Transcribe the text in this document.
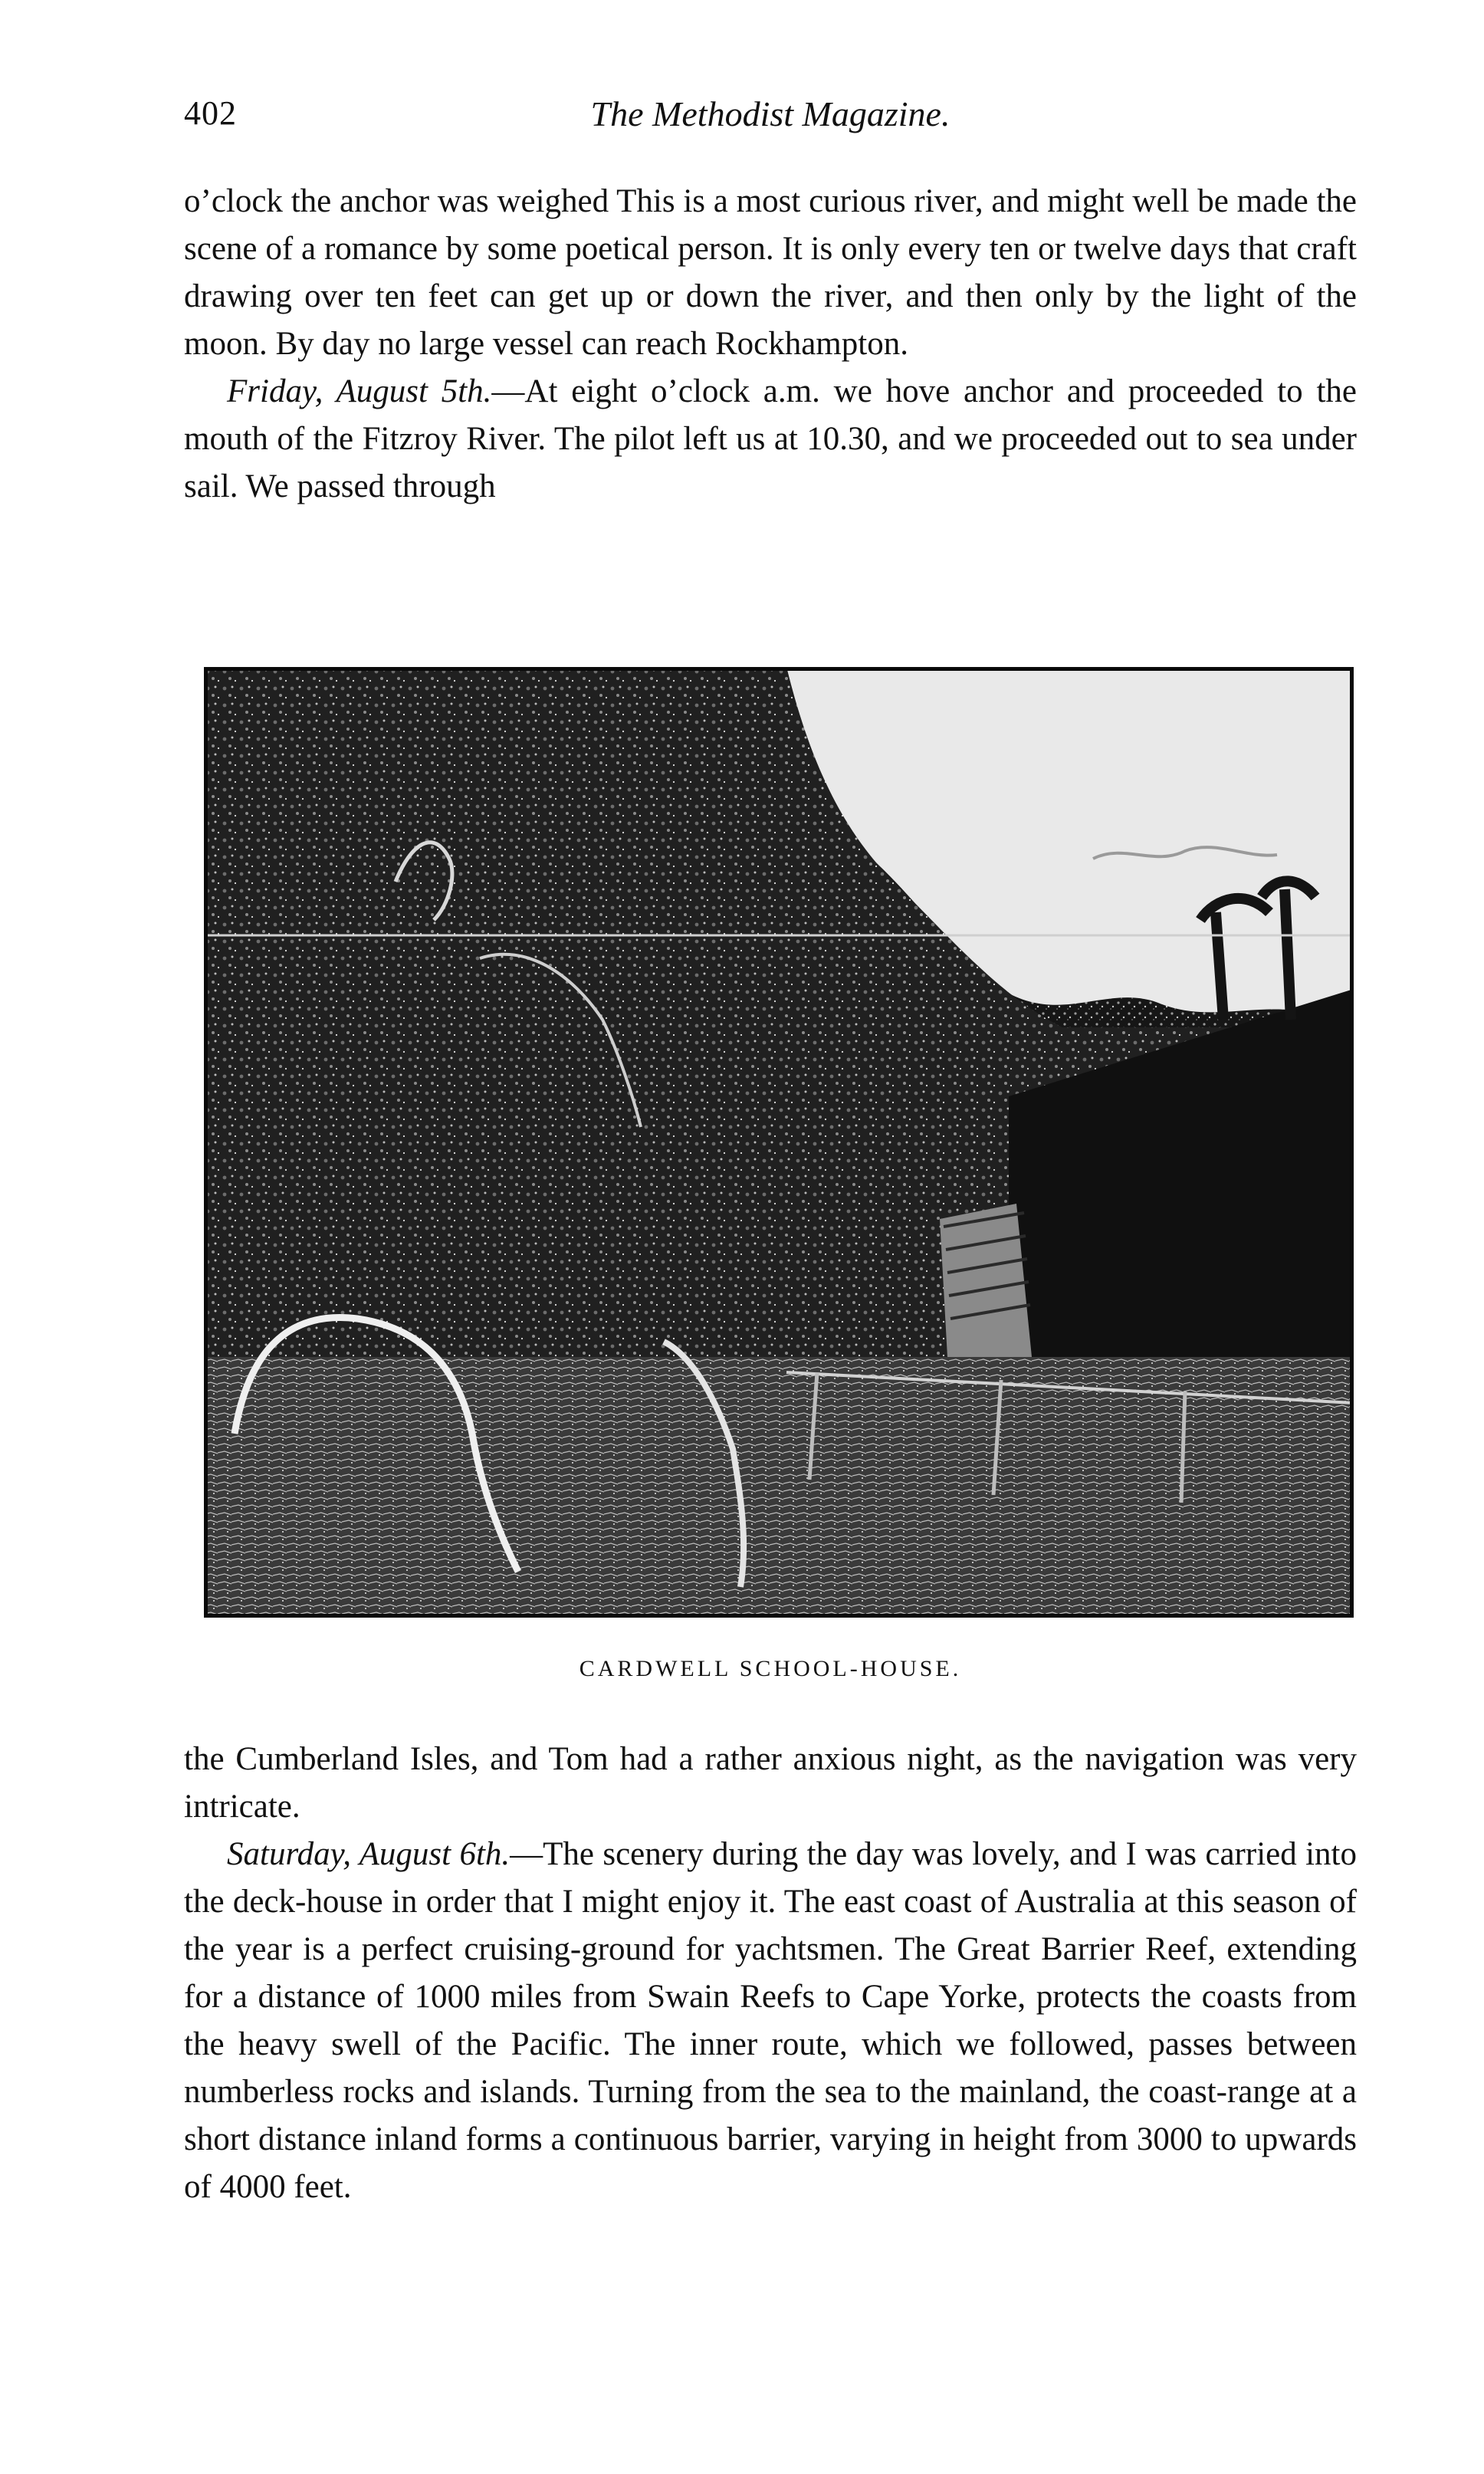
402	The Methodist Magazine.

o’clock the anchor was weighed This is a most curious river, and might well be made the scene of a romance by some poetical person. It is only every ten or twelve days that craft drawing over ten feet can get up or down the river, and then only by the light of the moon. By day no large vessel can reach Rockhampton.

Friday, August 5th.—At eight o’clock a.m. we hove anchor and proceeded to the mouth of the Fitzroy River. The pilot left us at 10.30, and we proceeded out to sea under sail. We passed through

CARDWELL SCHOOL-HOUSE.

the Cumberland Isles, and Tom had a rather anxious night, as the navigation was very intricate.

Saturday, August 6th.—The scenery during the day was lovely, and I was carried into the deck-house in order that I might enjoy it. The east coast of Australia at this season of the year is a perfect cruising-ground for yachtsmen. The Great Barrier Reef, extending for a distance of 1000 miles from Swain Reefs to Cape Yorke, protects the coasts from the heavy swell of the Pacific. The inner route, which we followed, passes between numberless rocks and islands. Turning from the sea to the mainland, the coast-range at a short distance inland forms a continuous barrier, varying in height from 3000 to upwards of 4000 feet.
